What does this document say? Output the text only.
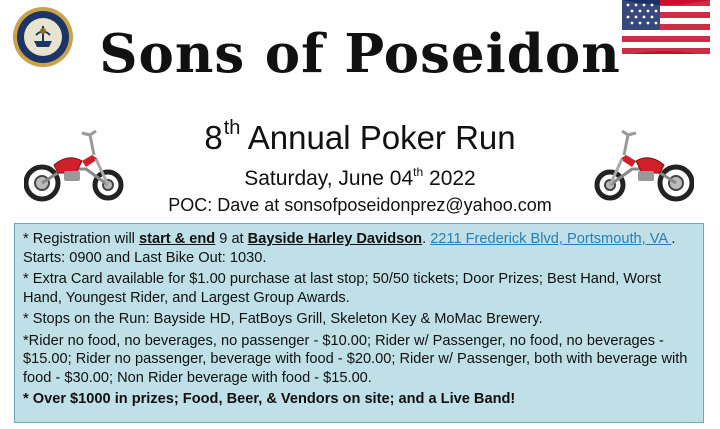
Sons of Poseidon
8th Annual Poker Run
Saturday, June 04th 2022
POC: Dave at sonsofposeidonprez@yahoo.com

* Registration will start & end 9 at Bayside Harley Davidson. 2211 Frederick Blvd, Portsmouth, VA . Starts: 0900 and Last Bike Out: 1030.

* Extra Card available for $1.00 purchase at last stop; 50/50 tickets; Door Prizes; Best Hand, Worst Hand, Youngest Rider, and Largest Group Awards.

* Stops on the Run: Bayside HD, FatBoys Grill, Skeleton Key & MoMac Brewery.

*Rider no food, no beverages, no passenger - $10.00; Rider w/ Passenger, no food, no beverages - $15.00; Rider no passenger, beverage with food - $20.00; Rider w/ Passenger, both with beverage with food - $30.00; Non Rider beverage with food - $15.00.

* Over $1000 in prizes; Food, Beer, & Vendors on site; and a Live Band!
